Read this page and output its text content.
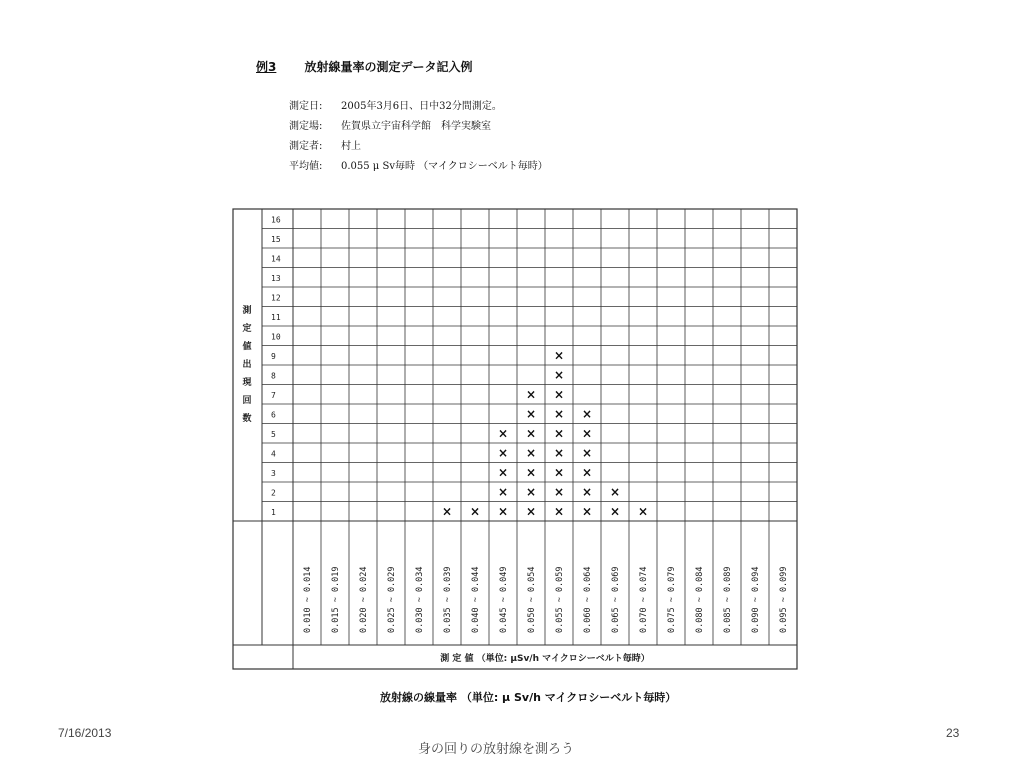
例3 放射線量率の測定データ記入例
測定日: 2005年3月6日、日中32分間測定。
測定場: 佐賀県立宇宙科学館　科学実験室
測定者: 村上
平均値: 0.055 μ Sv毎時 （マイクロシーベルト毎時）
16
15
14
13
12
11
10
9
8
7
6
5
4
3
2
1
測
定
値
出
現
回
数
0.010 ~ 0.014 0.015 ~ 0.019 0.020 ~ 0.024 0.025 ~ 0.029 0.030 ~ 0.034
×
0.035 ~ 0.039
×
0.040 ~ 0.044
×
×
×
×
×
0.045 ~ 0.049
×
×
×
×
×
×
×
0.050 ~ 0.054
×
×
×
×
×
×
×
×
×
0.055 ~ 0.059
×
×
×
×
×
×
0.060 ~ 0.064
×
×
0.065 ~ 0.069
×
0.070 ~ 0.074 0.075 ~ 0.079 0.080 ~ 0.084 0.085 ~ 0.089 0.090 ~ 0.094 0.095 ~ 0.099
測 定 値 （単位: μSv/h マイクロシーベルト毎時）
放射線の線量率 （単位: μ Sv/h マイクロシーベルト毎時）
7/16/2013
身の回りの放射線を測ろう
23
